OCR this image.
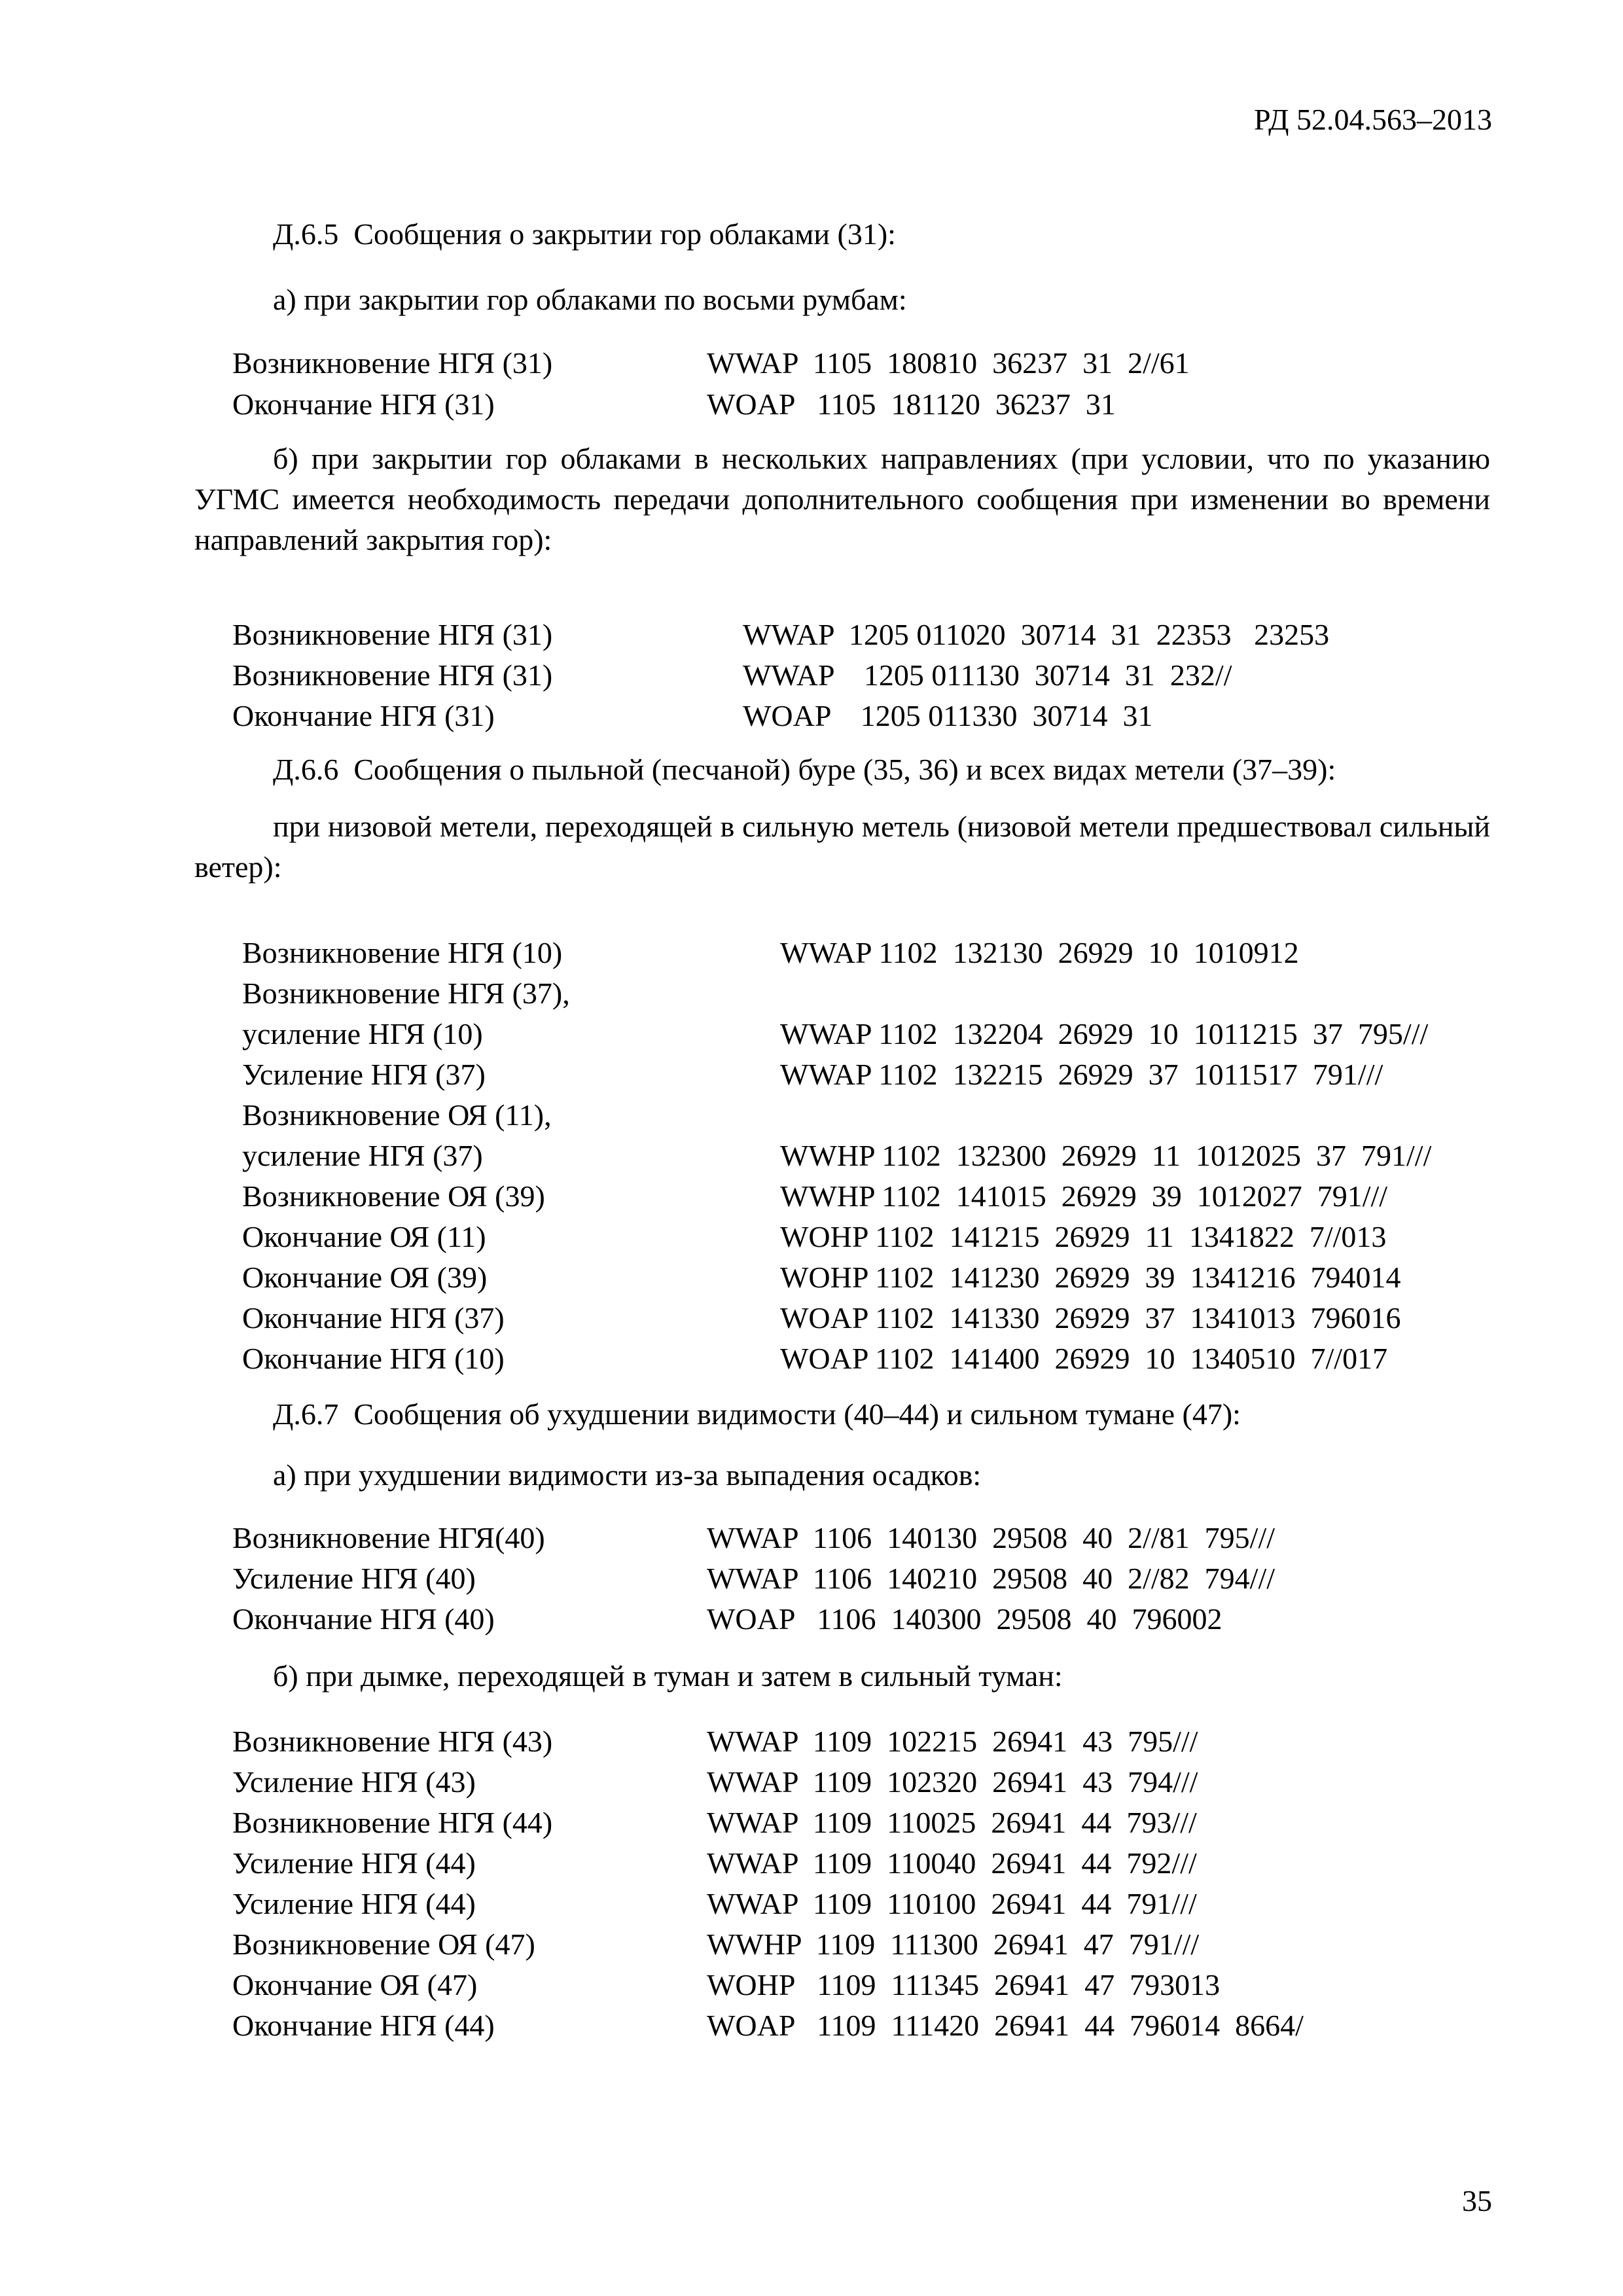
РД 52.04.563–2013
Д.6.5  Сообщения о закрытии гор облаками (31):
а) при закрытии гор облаками по восьми румбам:
Возникновение НГЯ (31)	WWAP  1105  180810  36237  31  2//61
Окончание НГЯ (31)	WOAP   1105  181120  36237  31
б) при закрытии гор облаками в нескольких направлениях (при условии, что по указанию УГМС имеется необходимость передачи дополнительного сообщения при изменении во времени направлений закрытия гор):
Возникновение НГЯ (31)	WWAP  1205 011020  30714  31  22353   23253
Возникновение НГЯ (31)	WWAP    1205 011130  30714  31  232//
Окончание НГЯ (31)	WOAP    1205 011330  30714  31
Д.6.6  Сообщения о пыльной (песчаной) буре (35, 36) и всех видах метели (37–39):
при низовой метели, переходящей в сильную метель (низовой метели предшествовал сильный ветер):
Возникновение НГЯ (10)	WWAP 1102  132130  26929  10  1010912
Возникновение НГЯ (37),
усиление НГЯ (10)	WWAP 1102  132204  26929  10  1011215  37  795///
Усиление НГЯ (37)	WWAP 1102  132215  26929  37  1011517  791///
Возникновение ОЯ (11),
усиление НГЯ (37)	WWHP 1102  132300  26929  11  1012025  37  791///
Возникновение ОЯ (39)	WWHP 1102  141015  26929  39  1012027  791///
Окончание ОЯ (11)	WOHP 1102  141215  26929  11  1341822  7//013
Окончание ОЯ (39)	WOHP 1102  141230  26929  39  1341216  794014
Окончание НГЯ (37)	WOAP 1102  141330  26929  37  1341013  796016
Окончание НГЯ (10)	WOAP 1102  141400  26929  10  1340510  7//017
Д.6.7  Сообщения об ухудшении видимости (40–44) и сильном тумане (47):
а) при ухудшении видимости из-за выпадения осадков:
Возникновение НГЯ(40)	WWAP  1106  140130  29508  40  2//81  795///
Усиление НГЯ (40)	WWAP  1106  140210  29508  40  2//82  794///
Окончание НГЯ (40)	WOAP   1106  140300  29508  40  796002
б) при дымке, переходящей в туман и затем в сильный туман:
Возникновение НГЯ (43)	WWAP  1109  102215  26941  43  795///
Усиление НГЯ (43)	WWAP  1109  102320  26941  43  794///
Возникновение НГЯ (44)	WWAP  1109  110025  26941  44  793///
Усиление НГЯ (44)	WWAP  1109  110040  26941  44  792///
Усиление НГЯ (44)	WWAP  1109  110100  26941  44  791///
Возникновение ОЯ (47)	WWHP  1109  111300  26941  47  791///
Окончание ОЯ (47)	WOHP   1109  111345  26941  47  793013
Окончание НГЯ (44)	WOAP   1109  111420  26941  44  796014  8664/
35
